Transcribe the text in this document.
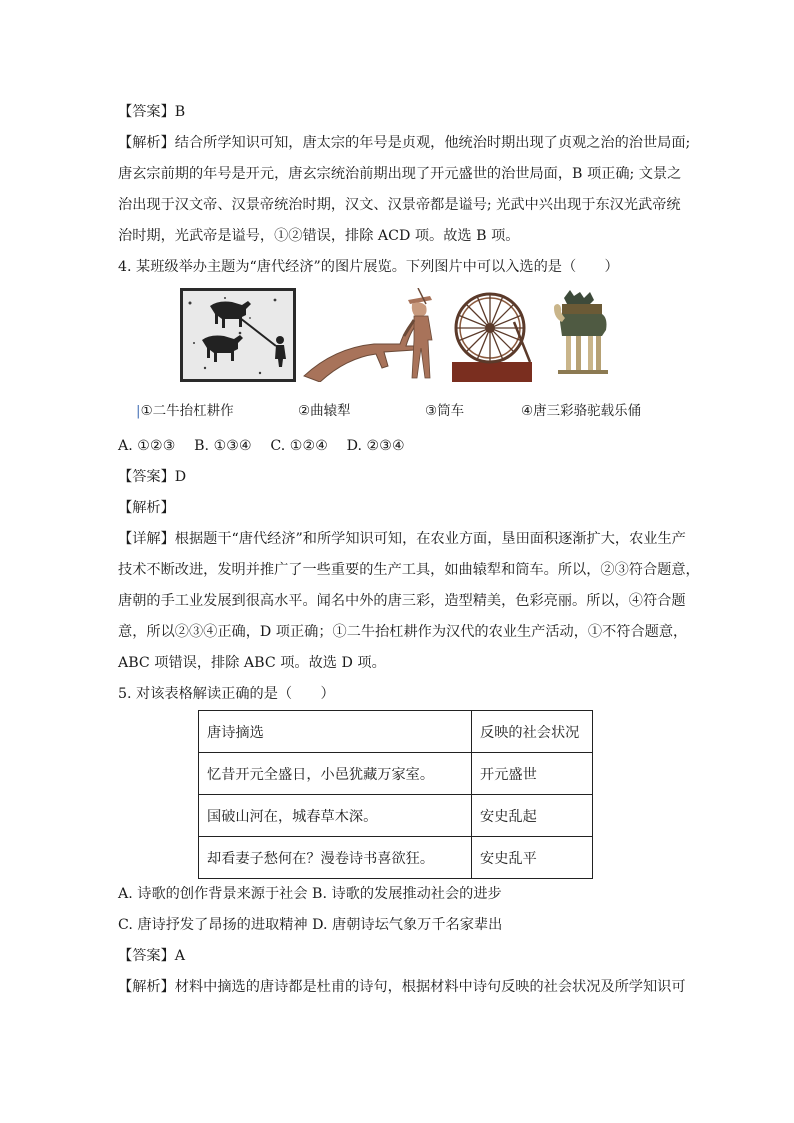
【答案】B
【解析】结合所学知识可知，唐太宗的年号是贞观，他统治时期出现了贞观之治的治世局面;
唐玄宗前期的年号是开元，唐玄宗统治前期出现了开元盛世的治世局面，B 项正确; 文景之
治出现于汉文帝、汉景帝统治时期，汉文、汉景帝都是谥号; 光武中兴出现于东汉光武帝统
治时期，光武帝是谥号，①②错误，排除 ACD 项。故选 B 项。
4. 某班级举办主题为“唐代经济”的图片展览。下列图片中可以入选的是（　　）
|①二牛抬杠耕作	②曲辕犁	③筒车	④唐三彩骆驼载乐俑
A. ①②③　 B. ①③④　 C. ①②④　 D. ②③④
【答案】D
【解析】
【详解】根据题干“唐代经济”和所学知识可知，在农业方面，垦田面积逐渐扩大，农业生产
技术不断改进，发明并推广了一些重要的生产工具，如曲辕犁和筒车。所以，②③符合题意，
唐朝的手工业发展到很高水平。闻名中外的唐三彩，造型精美，色彩亮丽。所以，④符合题
意，所以②③④正确，D 项正确；①二牛抬杠耕作为汉代的农业生产活动，①不符合题意，
ABC 项错误，排除 ABC 项。故选 D 项。
5. 对该表格解读正确的是（　　）
唐诗摘选	反映的社会状况
忆昔开元全盛日，小邑犹藏万家室。	开元盛世
国破山河在，城春草木深。	安史乱起
却看妻子愁何在？漫卷诗书喜欲狂。	安史乱平
A. 诗歌的创作背景来源于社会 B. 诗歌的发展推动社会的进步
C. 唐诗抒发了昂扬的进取精神 D. 唐朝诗坛气象万千名家辈出
【答案】A
【解析】材料中摘选的唐诗都是杜甫的诗句，根据材料中诗句反映的社会状况及所学知识可
